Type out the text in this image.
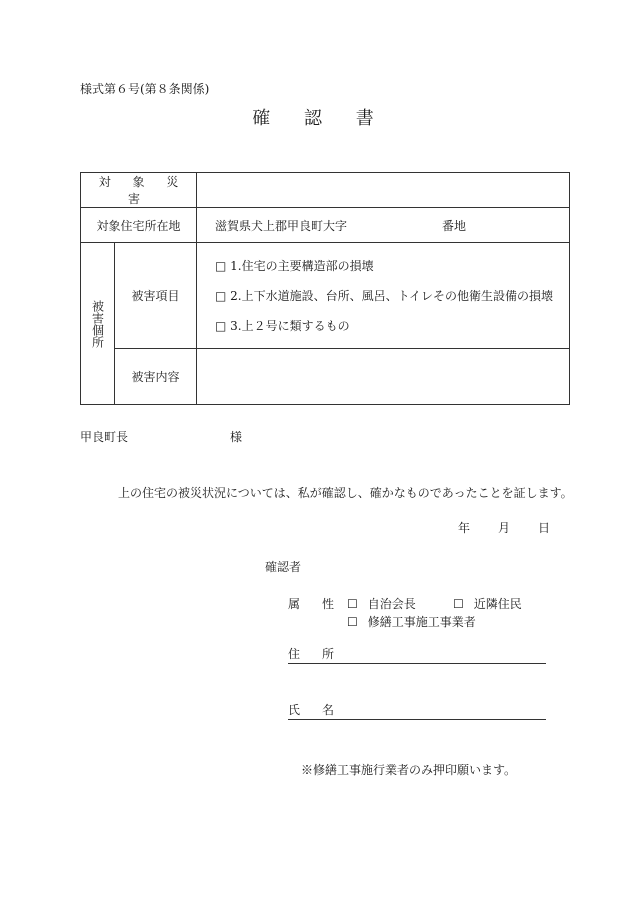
様式第６号(第８条関係)
確 認 書
対 象 災 害		
対象住宅所在地		滋賀県犬上郡甲良町大字 番地

被害個所	被害項目	□ 1.住宅の主要構造部の損壊
□ 2.上下水道施設、台所、風呂、トイレその他衛生設備の損壊
□ 3.上２号に類するもの

	被害内容	
甲良町長	様
上の住宅の被災状況については、私が確認し、確かなものであったことを証します。
年 月 日
確認者
属 性 ☐ 自治会長	☐ 近隣住民
☐ 修繕工事施工事業者
住 所
氏 名
※修繕工事施行業者のみ押印願います。
